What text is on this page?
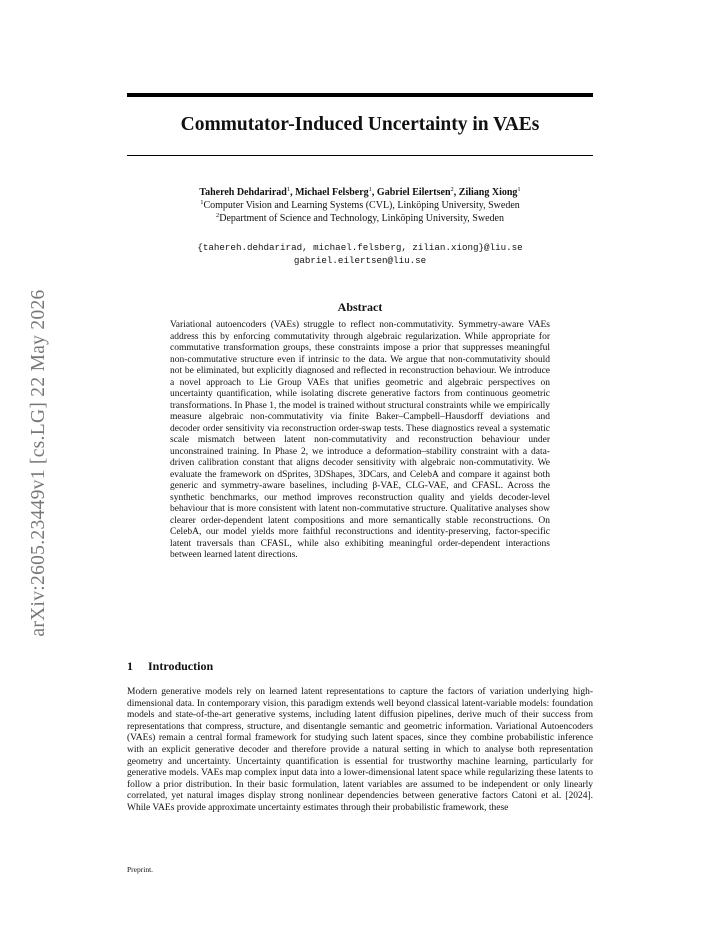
arXiv:2605.23449v1 [cs.LG] 22 May 2026
Commutator-Induced Uncertainty in VAEs
Tahereh Dehdarirad$^1$, Michael Felsberg$^1$, Gabriel Eilertsen$^2$, Ziliang Xiong$^1$
$^1$Computer Vision and Learning Systems (CVL), Linköping University, Sweden
$^2$Department of Science and Technology, Linköping University, Sweden
{tahereh.dehdarirad, michael.felsberg, zilian.xiong}@liu.se
gabriel.eilertsen@liu.se
Abstract

Variational autoencoders (VAEs) struggle to reflect non-commutativity. Symmetry-aware VAEs address this by enforcing commutativity through algebraic regularization. While appropriate for commutative transformation groups, these constraints impose a prior that suppresses meaningful non-commutative structure even if intrinsic to the data. We argue that non-commutativity should not be eliminated, but explicitly diagnosed and reflected in reconstruction behaviour. We introduce a novel approach to Lie Group VAEs that unifies geometric and algebraic perspectives on uncertainty quantification, while isolating discrete generative factors from continuous geometric transformations. In Phase 1, the model is trained without structural constraints while we empirically measure algebraic non-commutativity via finite Baker–Campbell–Hausdorff deviations and decoder order sensitivity via reconstruction order-swap tests. These diagnostics reveal a systematic scale mismatch between latent non-commutativity and reconstruction behaviour under unconstrained training. In Phase 2, we introduce a deformation–stability constraint with a data-driven calibration constant that aligns decoder sensitivity with algebraic non-commutativity. We evaluate the framework on dSprites, 3DShapes, 3DCars, and CelebA and compare it against both generic and symmetry-aware baselines, including β-VAE, CLG-VAE, and CFASL. Across the synthetic benchmarks, our method improves reconstruction quality and yields decoder-level behaviour that is more consistent with latent non-commutative structure. Qualitative analyses show clearer order-dependent latent compositions and more semantically stable reconstructions. On CelebA, our model yields more faithful reconstructions and identity-preserving, factor-specific latent traversals than CFASL, while also exhibiting meaningful order-dependent interactions between learned latent directions.

1 Introduction

Modern generative models rely on learned latent representations to capture the factors of variation underlying high-dimensional data. In contemporary vision, this paradigm extends well beyond classical latent-variable models: foundation models and state-of-the-art generative systems, including latent diffusion pipelines, derive much of their success from representations that compress, structure, and disentangle semantic and geometric information. Variational Autoencoders (VAEs) remain a central formal framework for studying such latent spaces, since they combine probabilistic inference with an explicit generative decoder and therefore provide a natural setting in which to analyse both representation geometry and uncertainty. Uncertainty quantification is essential for trustworthy machine learning, particularly for generative models. VAEs map complex input data into a lower-dimensional latent space while regularizing these latents to follow a prior distribution. In their basic formulation, latent variables are assumed to be independent or only linearly correlated, yet natural images display strong nonlinear dependencies between generative factors Catoni et al. [2024]. While VAEs provide approximate uncertainty estimates through their probabilistic framework, these

Preprint.
